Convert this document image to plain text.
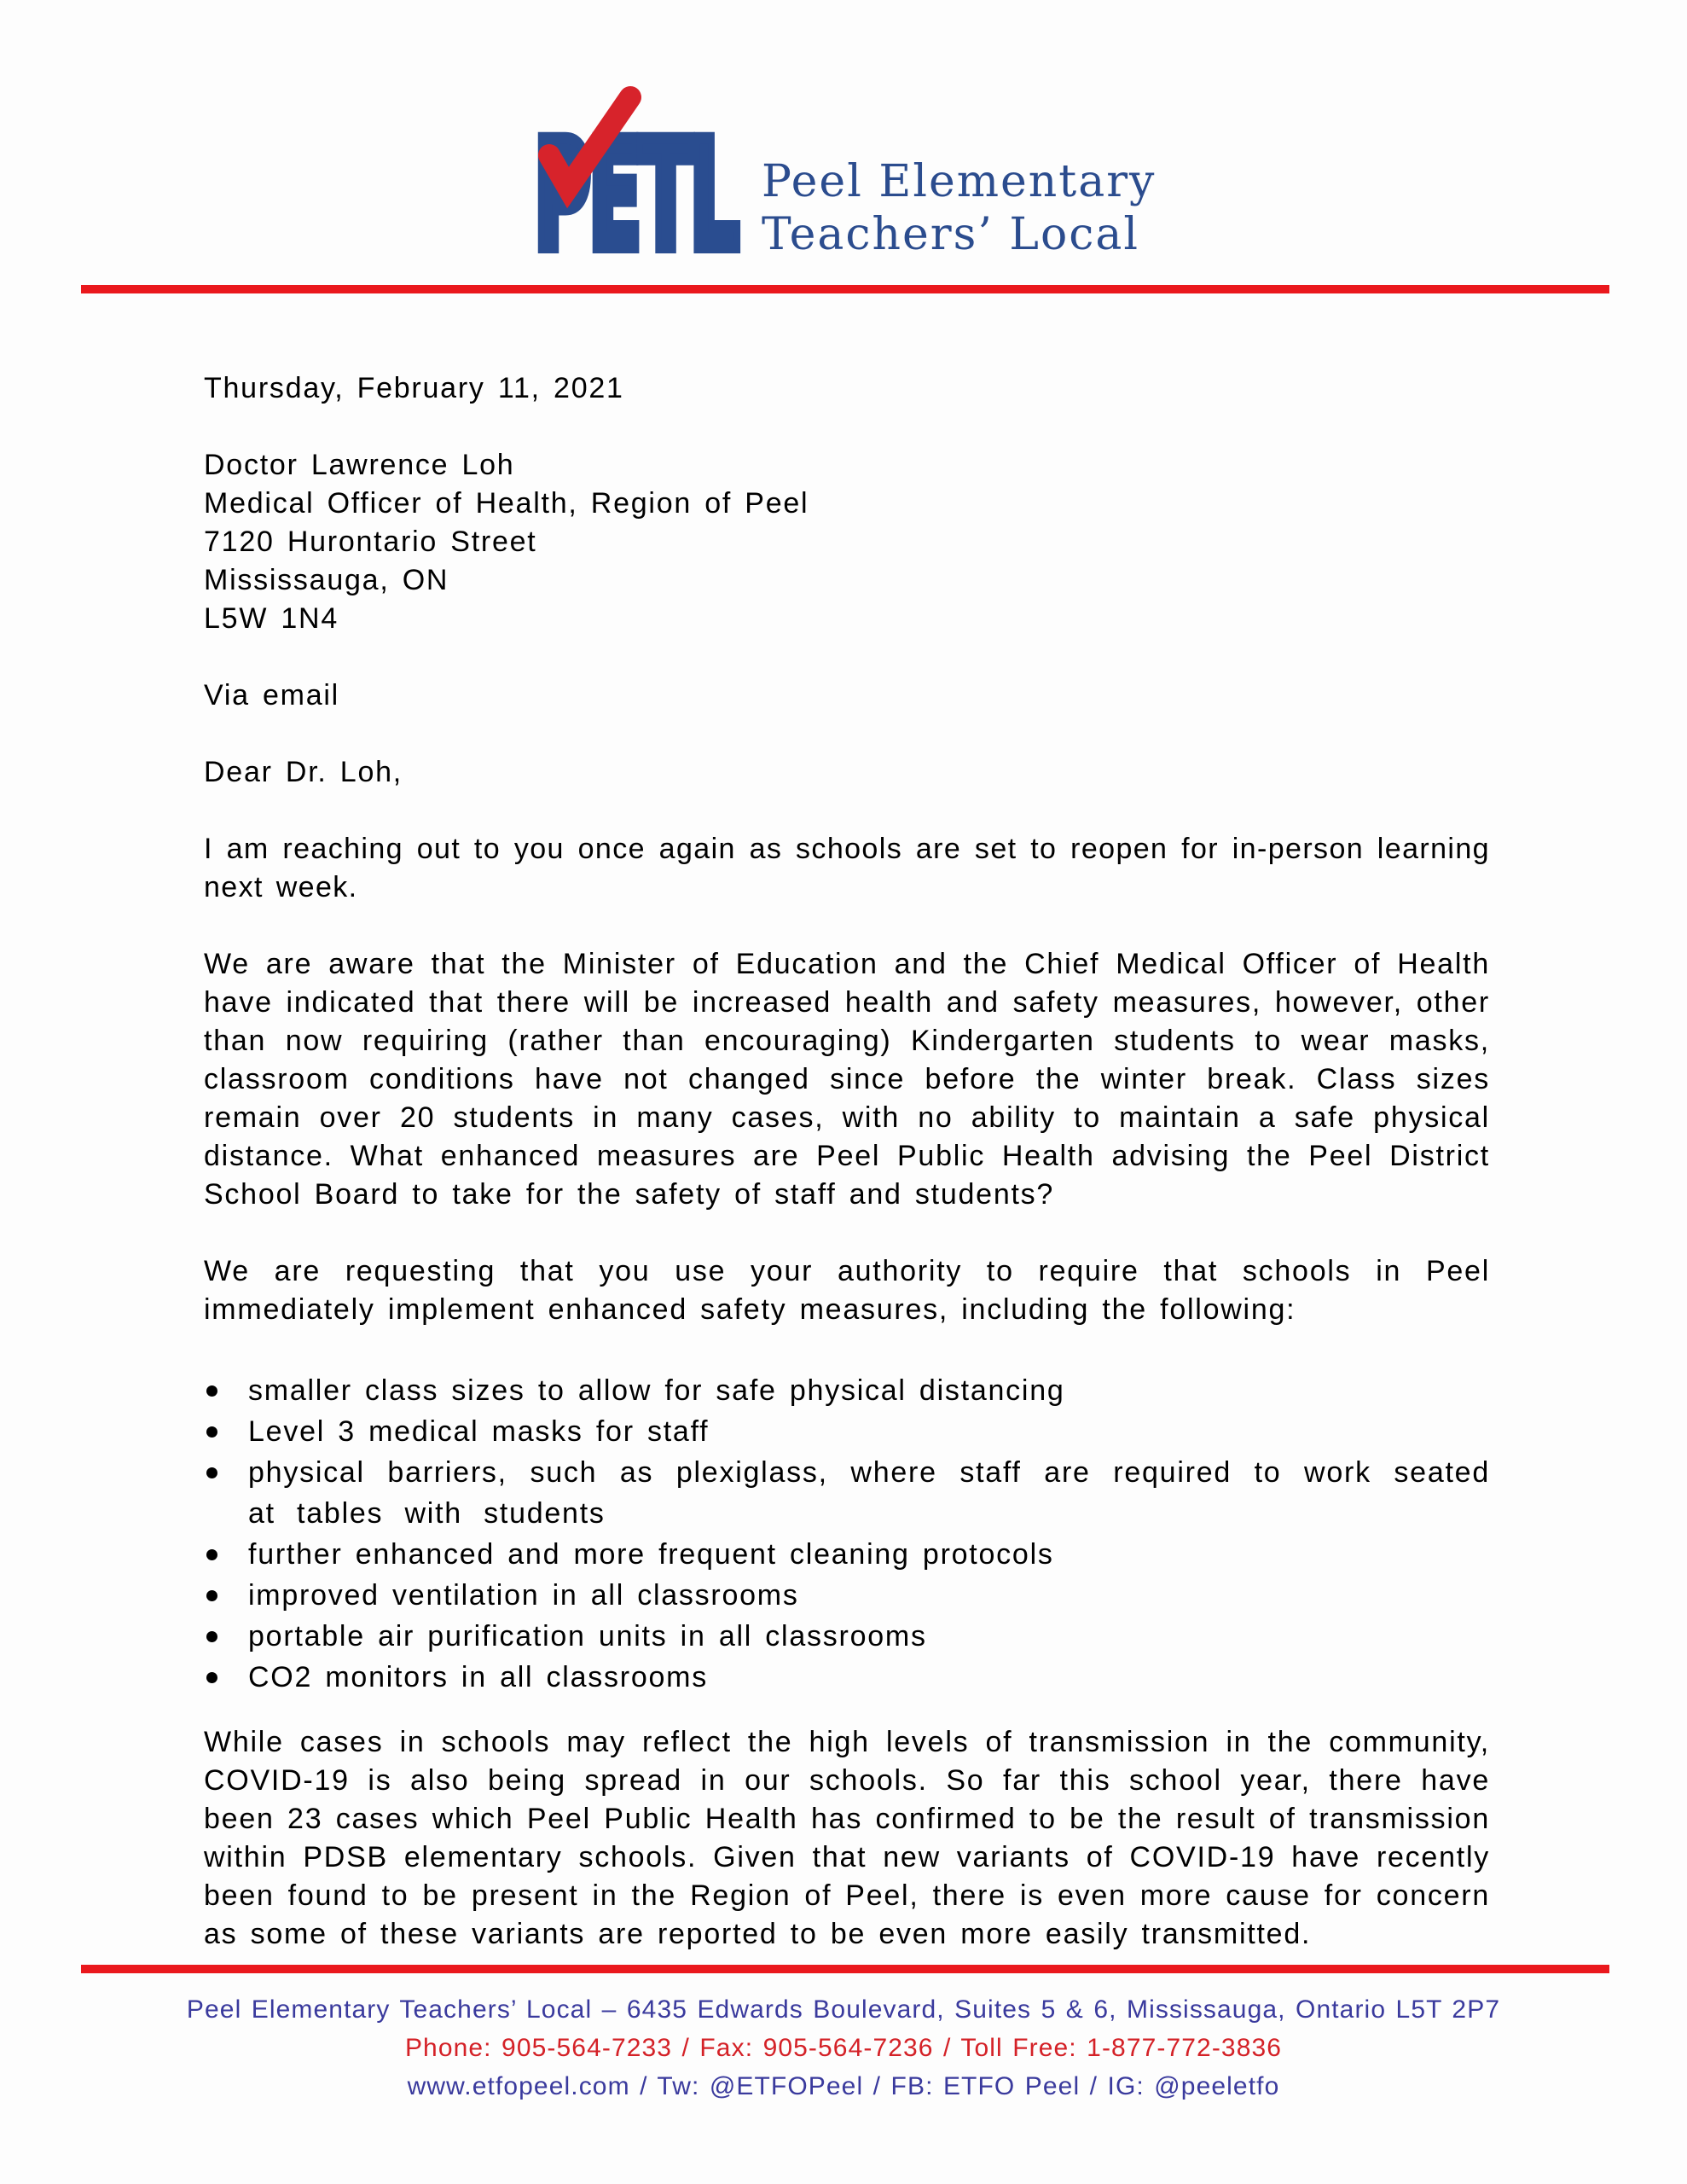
PETL Peel Elementary
Teachers’ Local

Thursday, February 11, 2021

Doctor Lawrence Loh
Medical Officer of Health, Region of Peel
7120 Hurontario Street
Mississauga, ON
L5W 1N4

Via email

Dear Dr. Loh,

I am reaching out to you once again as schools are set to reopen for in-person learning next week.

We are aware that the Minister of Education and the Chief Medical Officer of Health have indicated that there will be increased health and safety measures, however, other than now requiring (rather than encouraging) Kindergarten students to wear masks, classroom conditions have not changed since before the winter break. Class sizes remain over 20 students in many cases, with no ability to maintain a safe physical distance. What enhanced measures are Peel Public Health advising the Peel District School Board to take for the safety of staff and students?

We are requesting that you use your authority to require that schools in Peel immediately implement enhanced safety measures, including the following:

smaller class sizes to allow for safe physical distancing
Level 3 medical masks for staff
physical barriers, such as plexiglass, where staff are required to work seated at tables with students
further enhanced and more frequent cleaning protocols
improved ventilation in all classrooms
portable air purification units in all classrooms
CO2 monitors in all classrooms

While cases in schools may reflect the high levels of transmission in the community, COVID-19 is also being spread in our schools. So far this school year, there have been 23 cases which Peel Public Health has confirmed to be the result of transmission within PDSB elementary schools. Given that new variants of COVID-19 have recently been found to be present in the Region of Peel, there is even more cause for concern as some of these variants are reported to be even more easily transmitted.

Peel Elementary Teachers’ Local – 6435 Edwards Boulevard, Suites 5 & 6, Mississauga, Ontario L5T 2P7
Phone: 905-564-7233 / Fax: 905-564-7236 / Toll Free: 1-877-772-3836
www.etfopeel.com / Tw: @ETFOPeel / FB: ETFO Peel / IG: @peeletfo
